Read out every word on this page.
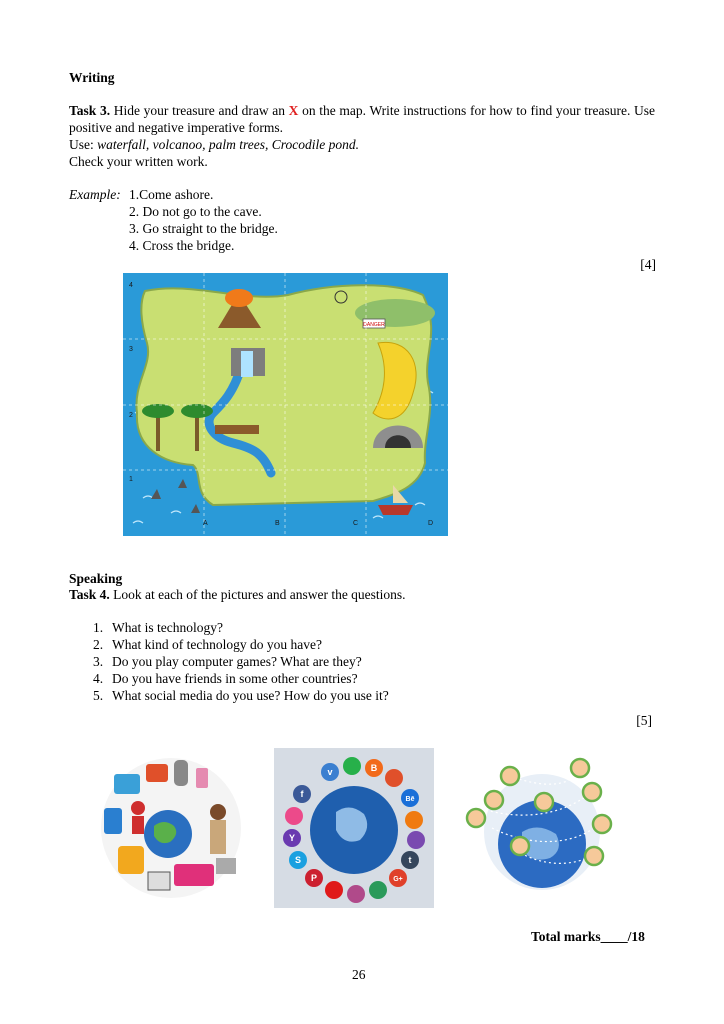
Writing
Task 3. Hide your treasure and draw an X on the map. Write instructions for how to find your treasure. Use positive and negative imperative forms.
Use: waterfall, volcanoo, palm trees, Crocodile pond.
Check your written work.
Example: 1.Come ashore.
2. Do not go to the cave.
3. Go straight to the bridge.
4. Cross the bridge.
[4]
DANGER
A	B	C	D
4
3
2
1
Speaking
Task 4. Look at each of the pictures and answer the questions.
1. What is technology?
2. What kind of technology do you have?
3. Do you play computer games? What are they?
4. Do you have friends in some other countries?
5. What social media do you use? How do you use it?
[5]
v	B
Bē
t
G+
P
S
Y
f
Total marks____/18
26
